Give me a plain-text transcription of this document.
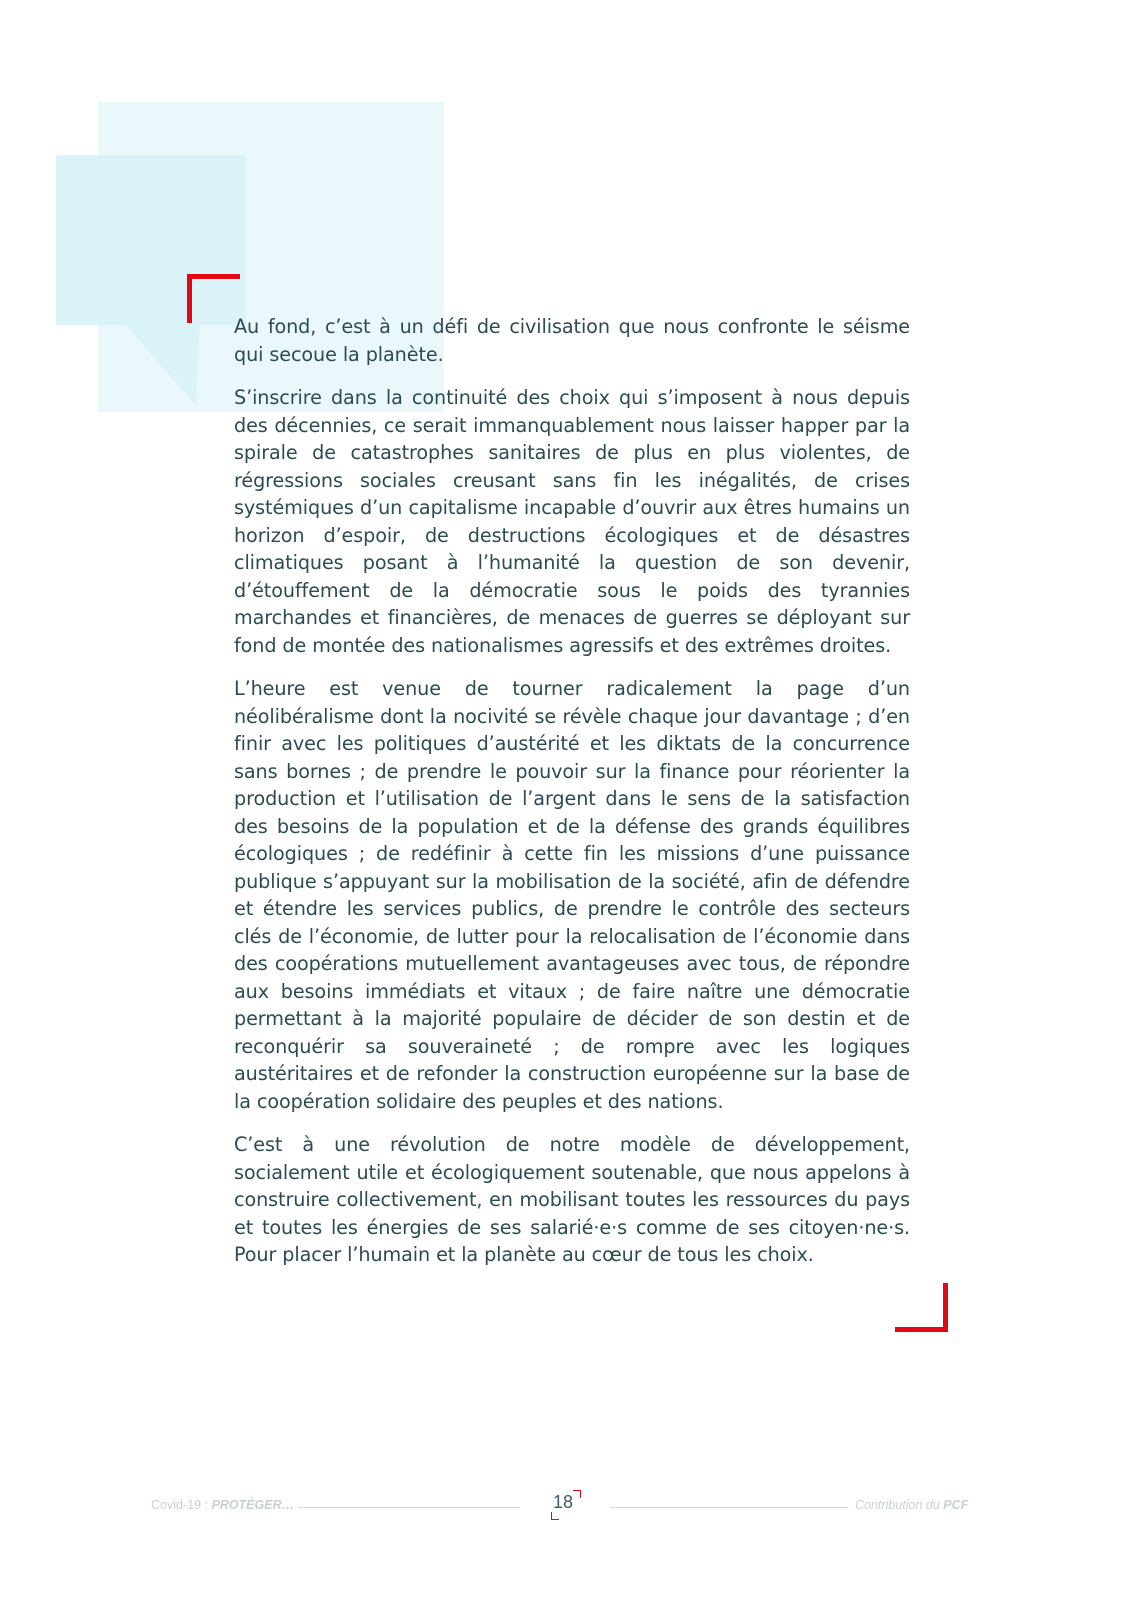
Au fond, c’est à un défi de civilisation que nous confronte le séisme qui secoue la planète.

S’inscrire dans la continuité des choix qui s’imposent à nous depuis des décennies, ce serait immanquablement nous laisser happer par la spirale de catastrophes sanitaires de plus en plus violentes, de régressions sociales creusant sans fin les inégalités, de crises systémiques d’un capitalisme incapable d’ouvrir aux êtres humains un horizon d’espoir, de destructions écologiques et de désastres climatiques posant à l’humanité la question de son devenir, d’étouffement de la démocratie sous le poids des tyrannies marchandes et financières, de menaces de guerres se déployant sur fond de montée des nationalismes agressifs et des extrêmes droites.

L’heure est venue de tourner radicalement la page d’un néolibéralisme dont la nocivité se révèle chaque jour davantage ; d’en finir avec les politiques d’austérité et les diktats de la concurrence sans bornes ; de prendre le pouvoir sur la finance pour réorienter la production et l’utilisation de l’argent dans le sens de la satisfaction des besoins de la population et de la défense des grands équilibres écologiques ; de redéfinir à cette fin les missions d’une puissance publique s’appuyant sur la mobilisation de la société, afin de défendre et étendre les services publics, de prendre le contrôle des secteurs clés de l’économie, de lutter pour la relocalisation de l’économie dans des coopérations mutuellement avantageuses avec tous, de répondre aux besoins immédiats et vitaux ; de faire naître une démocratie permettant à la majorité populaire de décider de son destin et de reconquérir sa souveraineté ; de rompre avec les logiques austéritaires et de refonder la construction européenne sur la base de la coopération solidaire des peuples et des nations.

C’est à une révolution de notre modèle de développement, socialement utile et écologiquement soutenable, que nous appelons à construire collectivement, en mobilisant toutes les ressources du pays et toutes les énergies de ses salarié·e·s comme de ses citoyen·ne·s. Pour placer l’humain et la planète au cœur de tous les choix.

Covid-19 : PROTÉGER…	18	Contribution du PCF
